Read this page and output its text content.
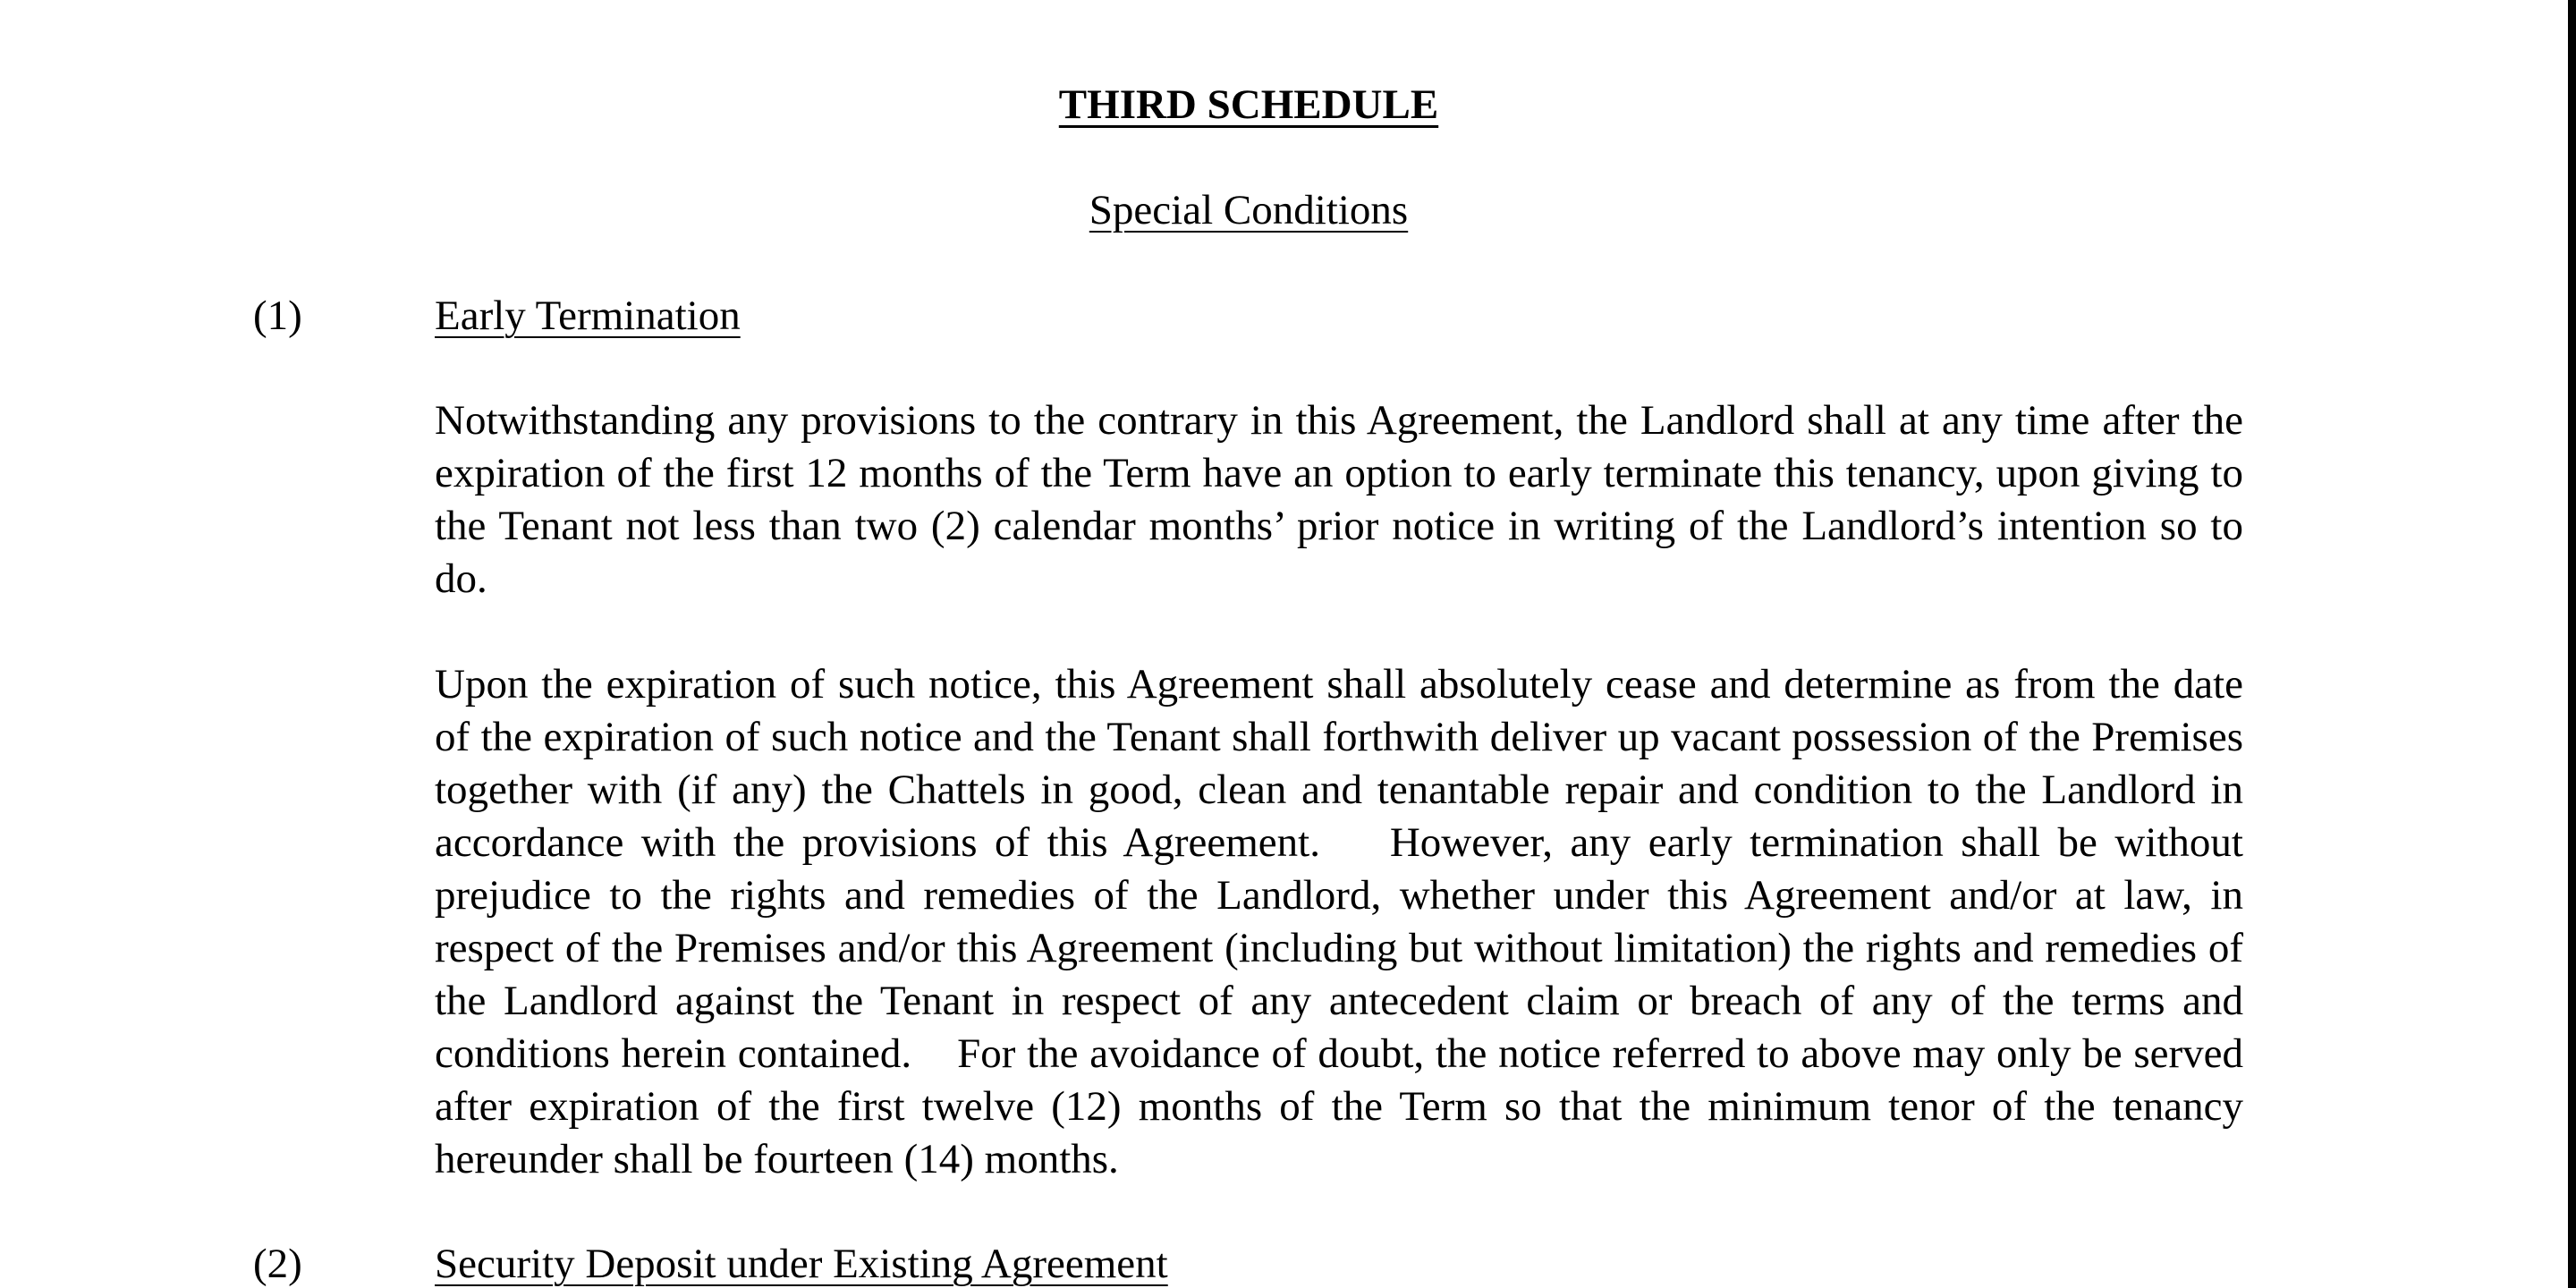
THIRD SCHEDULE
Special Conditions
(1)	Early Termination

Notwithstanding any provisions to the contrary in this Agreement, the Landlord shall at any time after the expiration of the first 12 months of the Term have an option to early terminate this tenancy, upon giving to the Tenant not less than two (2) calendar months’ prior notice in writing of the Landlord’s intention so to do.

Upon the expiration of such notice, this Agreement shall absolutely cease and determine as from the date of the expiration of such notice and the Tenant shall forthwith deliver up vacant possession of the Premises together with (if any) the Chattels in good, clean and tenantable repair and condition to the Landlord in accordance with the provisions of this Agreement.    However, any early termination shall be without prejudice to the rights and remedies of the Landlord, whether under this Agreement and/or at law, in respect of the Premises and/or this Agreement (including but without limitation) the rights and remedies of the Landlord against the Tenant in respect of any antecedent claim or breach of any of the terms and conditions herein contained.    For the avoidance of doubt, the notice referred to above may only be served after expiration of the first twelve (12) months of the Term so that the minimum tenor of the tenancy hereunder shall be fourteen (14) months.

(2)	Security Deposit under Existing Agreement
